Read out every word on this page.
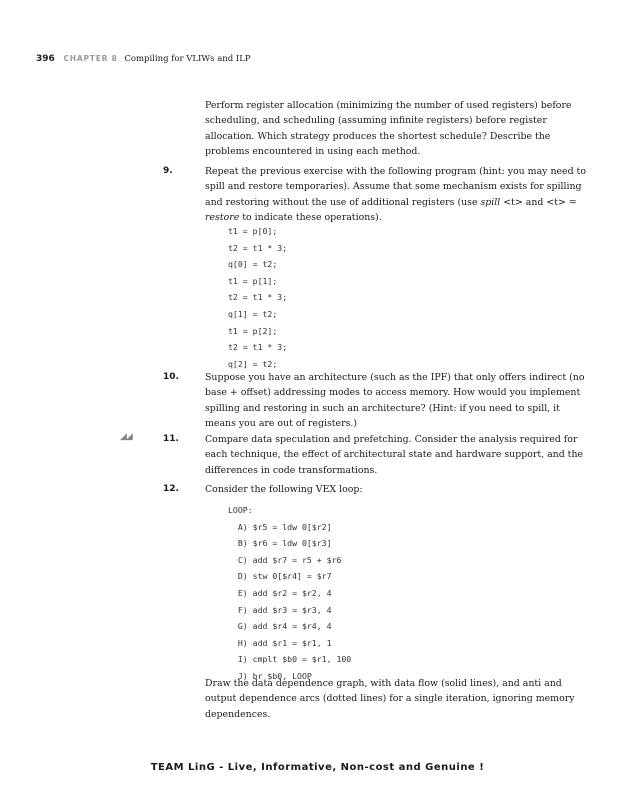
396 CHAPTER 8 Compiling for VLIWs and ILP

Perform register allocation (minimizing the number of used registers) before scheduling, and scheduling (assuming infinite registers) before register allocation. Which strategy produces the shortest schedule? Describe the problems encountered in using each method.

9.	Repeat the previous exercise with the following program (hint: you may need to spill and restore temporaries). Assume that some mechanism exists for spilling and restoring without the use of additional registers (use spill <t> and <t> = restore to indicate these operations).
t1 = p[0];
t2 = t1 * 3;
q[0] = t2;
t1 = p[1];
t2 = t1 * 3;
q[1] = t2;
t1 = p[2];
t2 = t1 * 3;
q[2] = t2;
10.	Suppose you have an architecture (such as the IPF) that only offers indirect (no base + offset) addressing modes to access memory. How would you implement spilling and restoring in such an architecture? (Hint: if you need to spill, it means you are out of registers.)
◢◢	11.	Compare data speculation and prefetching. Consider the analysis required for each technique, the effect of architectural state and hardware support, and the differences in code transformations.
12.	Consider the following VEX loop:
LOOP:
A) $r5 = ldw 0[$r2]
B) $r6 = ldw 0[$r3]
C) add $r7 = r5 + $r6
D) stw 0[$r4] = $r7
E) add $r2 = $r2, 4
F) add $r3 = $r3, 4
G) add $r4 = $r4, 4
H) add $r1 = $r1, 1
I) cmplt $b0 = $r1, 100
J) br $b0, LOOP

Draw the data dependence graph, with data flow (solid lines), and anti and output dependence arcs (dotted lines) for a single iteration, ignoring memory dependences.

TEAM LinG - Live, Informative, Non-cost and Genuine !
